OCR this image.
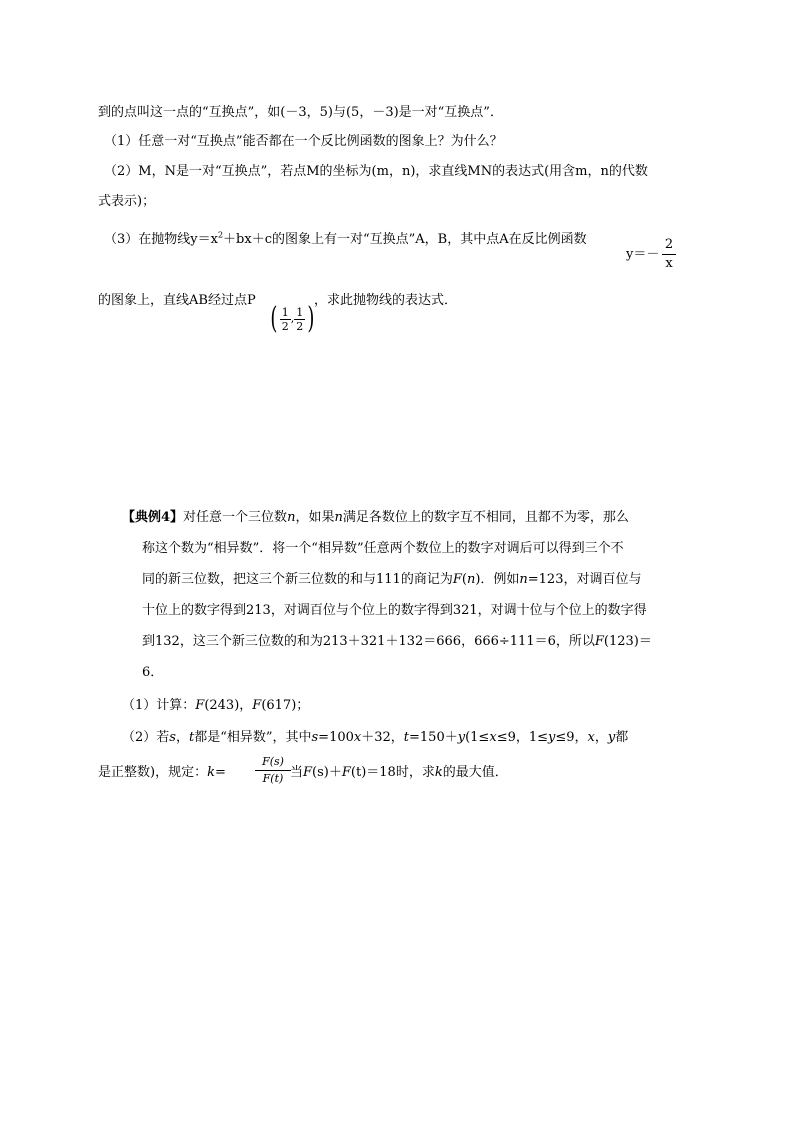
到的点叫这一点的“互换点”，如(－3，5)与(5，－3)是一对“互换点”．
（1）任意一对“互换点”能否都在一个反比例函数的图象上？为什么？
（2）M，N是一对“互换点”，若点M的坐标为(m，n)，求直线MN的表达式(用含m，n的代数
式表示)；
（3）在抛物线$y=x^2+bx+c$的图象上有一对“互换点”A，B，其中点A在反比例函数
$y=- \frac{2}{x}$
的图象上，直线AB经过点P
( $\frac{1}{2}$ , $\frac{1}{2}$ )
，求此抛物线的表达式．
【典例4】对任意一个三位数n，如果n满足各数位上的数字互不相同，且都不为零，那么
称这个数为“相异数”．将一个“相异数”任意两个数位上的数字对调后可以得到三个不
同的新三位数，把这三个新三位数的和与111的商记为F(n)．例如n=123，对调百位与
十位上的数字得到213，对调百位与个位上的数字得到321，对调十位与个位上的数字得
到132，这三个新三位数的和为213＋321＋132＝666，666÷111＝6，所以F(123)＝
6．
（1）计算：F(243)，F(617)；
（2）若s，t都是“相异数”，其中s=100x＋32，t=150＋y(1≤x≤9，1≤y≤9，x，y都
是正整数)，规定：k=	$\frac{F(s)}{F(t)}$ 当F(s)＋F(t)＝18时，求k的最大值．
